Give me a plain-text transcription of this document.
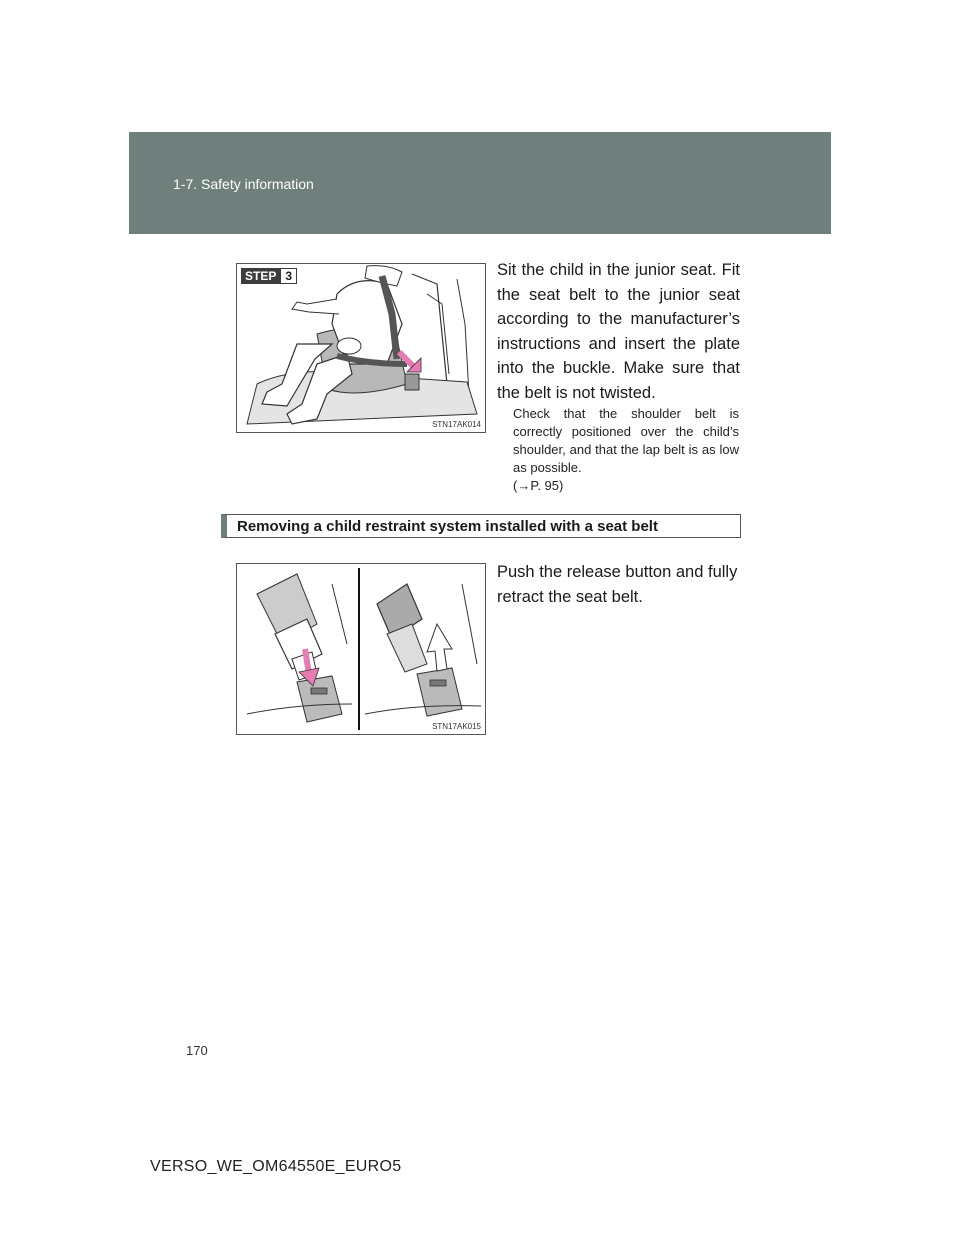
1-7. Safety information
STEP 3
STN17AK014
Sit the child in the junior seat. Fit the seat belt to the junior seat according to the manufacturer’s instructions and insert the plate into the buckle. Make sure that the belt is not twisted.
Check that the shoulder belt is correctly positioned over the child’s shoulder, and that the lap belt is as low as possible.
(→P. 95)
Removing a child restraint system installed with a seat belt
STN17AK015
Push the release button and fully retract the seat belt.
170
VERSO_WE_OM64550E_EURO5
